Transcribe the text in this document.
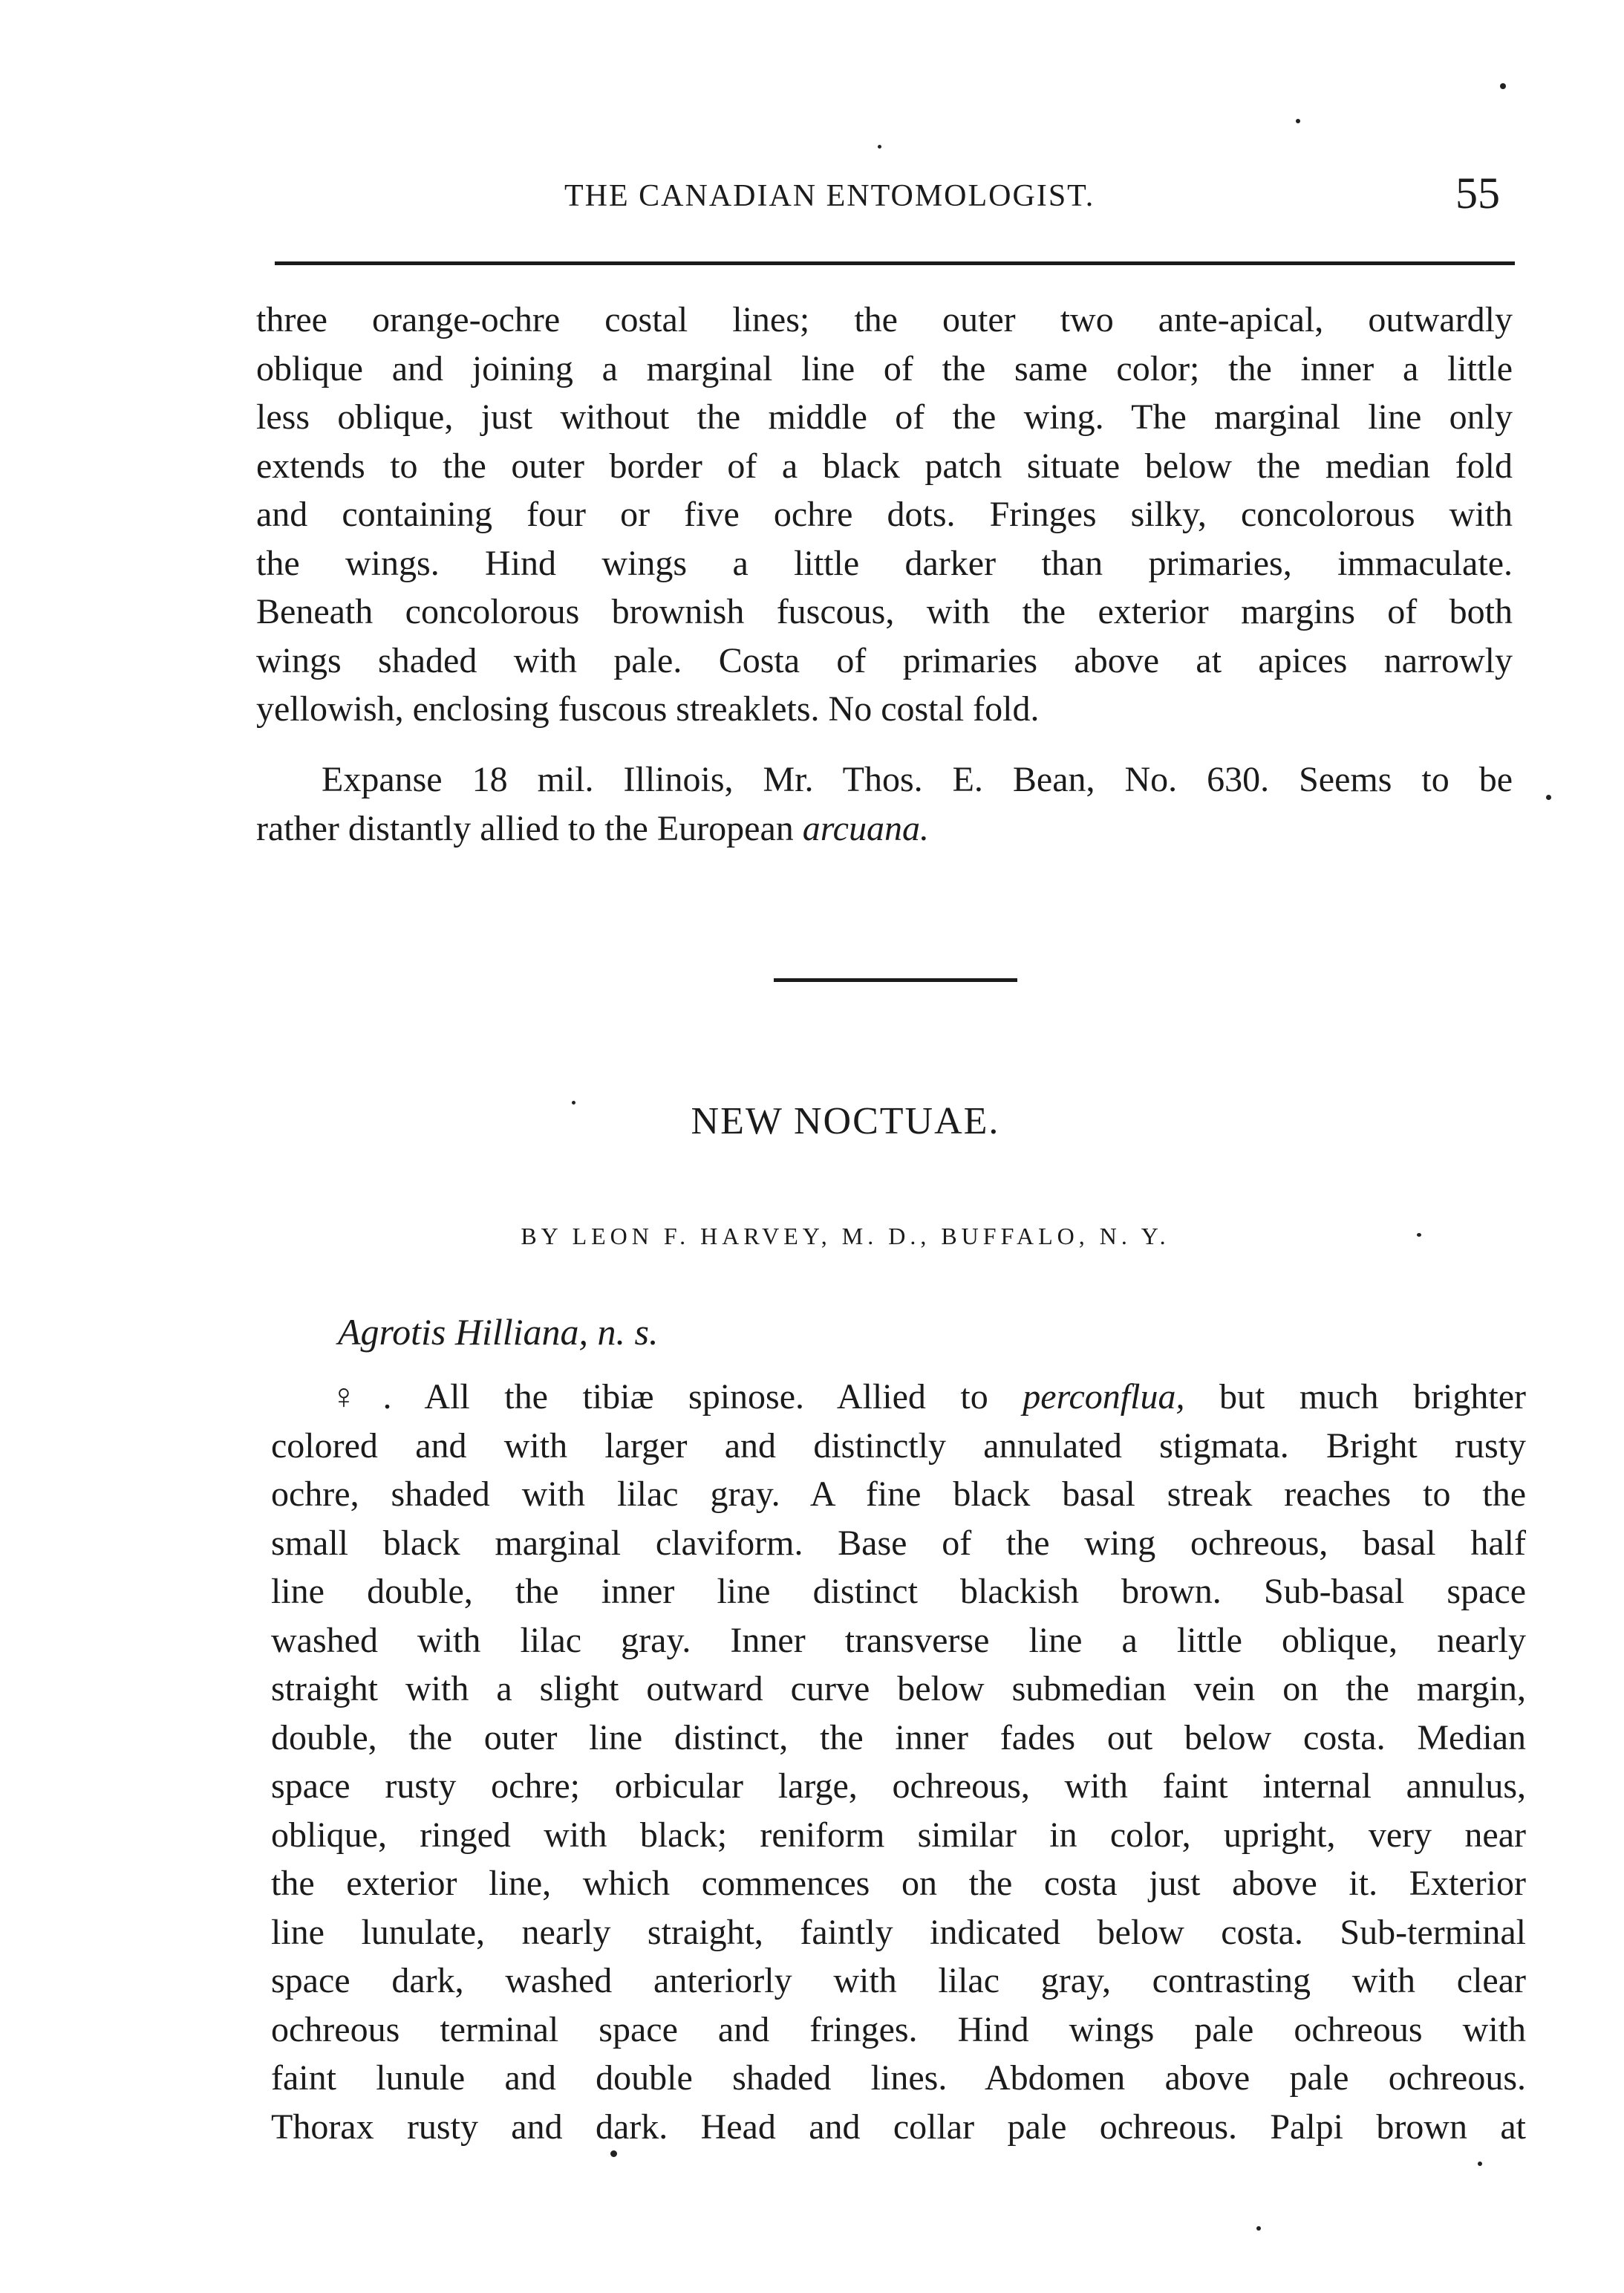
THE CANADIAN ENTOMOLOGIST.	55
three orange-ochre costal lines; the outer two ante-apical, outwardly
oblique and joining a marginal line of the same color; the inner a little
less oblique, just without the middle of the wing. The marginal line only
extends to the outer border of a black patch situate below the median fold
and containing four or five ochre dots. Fringes silky, concolorous with
the wings. Hind wings a little darker than primaries, immaculate.
Beneath concolorous brownish fuscous, with the exterior margins of both
wings shaded with pale. Costa of primaries above at apices narrowly
yellowish, enclosing fuscous streaklets. No costal fold.
Expanse 18 mil. Illinois, Mr. Thos. E. Bean, No. 630. Seems to be
rather distantly allied to the European arcuana.
NEW NOCTUAE.
BY LEON F. HARVEY, M. D., BUFFALO, N. Y.
Agrotis Hilliana, n. s.
♀. All the tibiæ spinose. Allied to perconflua, but much brighter
colored and with larger and distinctly annulated stigmata. Bright rusty
ochre, shaded with lilac gray. A fine black basal streak reaches to the
small black marginal claviform. Base of the wing ochreous, basal half
line double, the inner line distinct blackish brown. Sub-basal space
washed with lilac gray. Inner transverse line a little oblique, nearly
straight with a slight outward curve below submedian vein on the margin,
double, the outer line distinct, the inner fades out below costa. Median
space rusty ochre; orbicular large, ochreous, with faint internal annulus,
oblique, ringed with black; reniform similar in color, upright, very near
the exterior line, which commences on the costa just above it. Exterior
line lunulate, nearly straight, faintly indicated below costa. Sub-terminal
space dark, washed anteriorly with lilac gray, contrasting with clear
ochreous terminal space and fringes. Hind wings pale ochreous with
faint lunule and double shaded lines. Abdomen above pale ochreous.
Thorax rusty and dark. Head and collar pale ochreous. Palpi brown at
